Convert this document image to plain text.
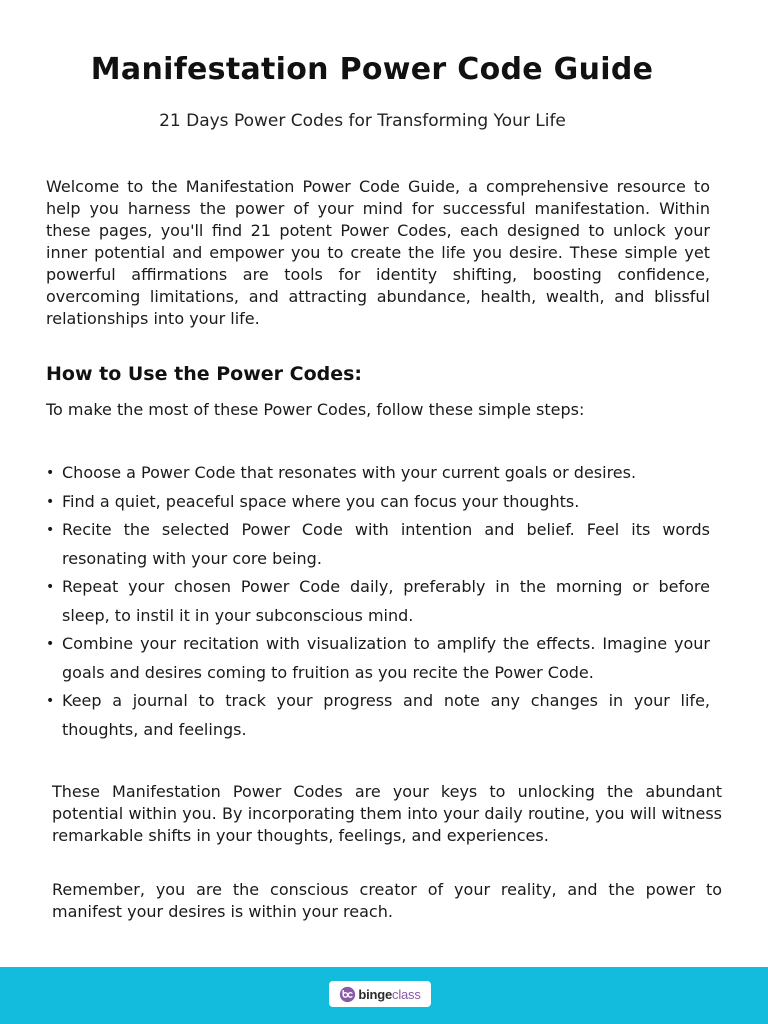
Manifestation Power Code Guide

21 Days Power Codes for Transforming Your Life

Welcome to the Manifestation Power Code Guide, a comprehensive resource to help you harness the power of your mind for successful manifestation. Within these pages, you'll find 21 potent Power Codes, each designed to unlock your inner potential and empower you to create the life you desire. These simple yet powerful affirmations are tools for identity shifting, boosting confidence, overcoming limitations, and attracting abundance, health, wealth, and blissful relationships into your life.

How to Use the Power Codes:

To make the most of these Power Codes, follow these simple steps:

• Choose a Power Code that resonates with your current goals or desires.
• Find a quiet, peaceful space where you can focus your thoughts.
• Recite the selected Power Code with intention and belief. Feel its words resonating with your core being.
• Repeat your chosen Power Code daily, preferably in the morning or before sleep, to instil it in your subconscious mind.
• Combine your recitation with visualization to amplify the effects. Imagine your goals and desires coming to fruition as you recite the Power Code.
• Keep a journal to track your progress and note any changes in your life, thoughts, and feelings.

These Manifestation Power Codes are your keys to unlocking the abundant potential within you. By incorporating them into your daily routine, you will witness remarkable shifts in your thoughts, feelings, and experiences.

Remember, you are the conscious creator of your reality, and the power to manifest your desires is within your reach.

bingeclass
